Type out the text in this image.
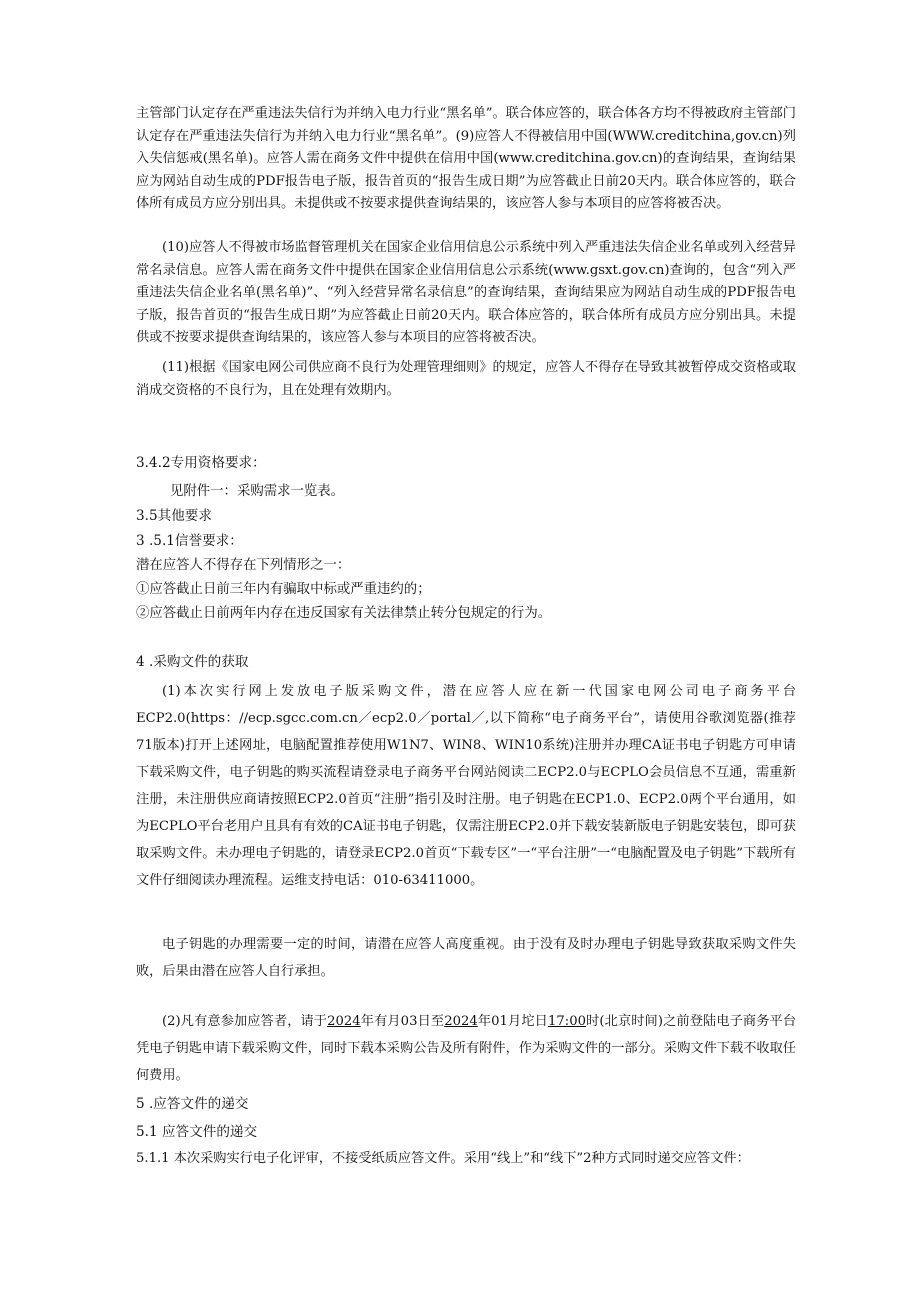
主管部门认定存在严重违法失信行为并纳入电力行业“黑名单”。联合体应答的，联合体各方均不得被政府主管部门认定存在严重违法失信行为并纳入电力行业“黑名单”。(9)应答人不得被信用中国(WWW.creditchina,gov.cn)列入失信惩戒(黑名单)。应答人需在商务文件中提供在信用中国(www.creditchina.gov.cn)的查询结果，查询结果应为网站自动生成的PDF报告电子版，报告首页的“报告生成日期”为应答截止日前20天内。联合体应答的，联合体所有成员方应分别出具。未提供或不按要求提供查询结果的，该应答人参与本项目的应答将被否决。

(10)应答人不得被市场监督管理机关在国家企业信用信息公示系统中列入严重违法失信企业名单或列入经营异常名录信息。应答人需在商务文件中提供在国家企业信用信息公示系统(www.gsxt.gov.cn)查询的，包含“列入严重违法失信企业名单(黑名单)”、“列入经营异常名录信息”的查询结果，查询结果应为网站自动生成的PDF报告电子版，报告首页的“报告生成日期”为应答截止日前20天内。联合体应答的，联合体所有成员方应分别出具。未提供或不按要求提供查询结果的，该应答人参与本项目的应答将被否决。

(11)根据《国家电网公司供应商不良行为处理管理细则》的规定，应答人不得存在导致其被暂停成交资格或取消成交资格的不良行为，且在处理有效期内。

3.4.2专用资格要求：

见附件一：采购需求一览表。

3.5其他要求

3 .5.1信誉要求：

潜在应答人不得存在下列情形之一：

①应答截止日前三年内有骗取中标或严重违约的；

②应答截止日前两年内存在违反国家有关法律禁止转分包规定的行为。

4 .采购文件的获取

(1)本次实行网上发放电子版采购文件，潜在应答人应在新一代国家电网公司电子商务平台ECP2.0(https：//ecp.sgcc.com.cn／ecp2.0／portal／,以下简称“电子商务平台”，请使用谷歌浏览器(推荐71版本)打开上述网址，电脑配置推荐使用W1N7、WIN8、WIN10系统)注册并办理CA证书电子钥匙方可申请下载采购文件，电子钥匙的购买流程请登录电子商务平台网站阅读二ECP2.0与ECPLO会员信息不互通，需重新注册，未注册供应商请按照ECP2.0首页“注册”指引及时注册。电子钥匙在ECP1.0、ECP2.0两个平台通用，如为ECPLO平台老用户且具有有效的CA证书电子钥匙，仅需注册ECP2.0并下载安装新版电子钥匙安装包，即可获取采购文件。未办理电子钥匙的，请登录ECP2.0首页“下载专区”一“平台注册”一“电脑配置及电子钥匙”下载所有文件仔细阅读办理流程。运维支持电话：010-63411000。

电子钥匙的办理需要一定的时间，请潜在应答人高度重视。由于没有及时办理电子钥匙导致获取采购文件失败，后果由潜在应答人自行承担。

(2)凡有意参加应答者，请于2024年有月03日至2024年01月坨日17:00时(北京时间)之前登陆电子商务平台凭电子钥匙申请下载采购文件，同时下载本采购公告及所有附件，作为采购文件的一部分。采购文件下载不收取任何费用。

5 .应答文件的递交

5.1 应答文件的递交

5.1.1 本次采购实行电子化评审，不接受纸质应答文件。采用“线上”和“线下”2种方式同时递交应答文件：
